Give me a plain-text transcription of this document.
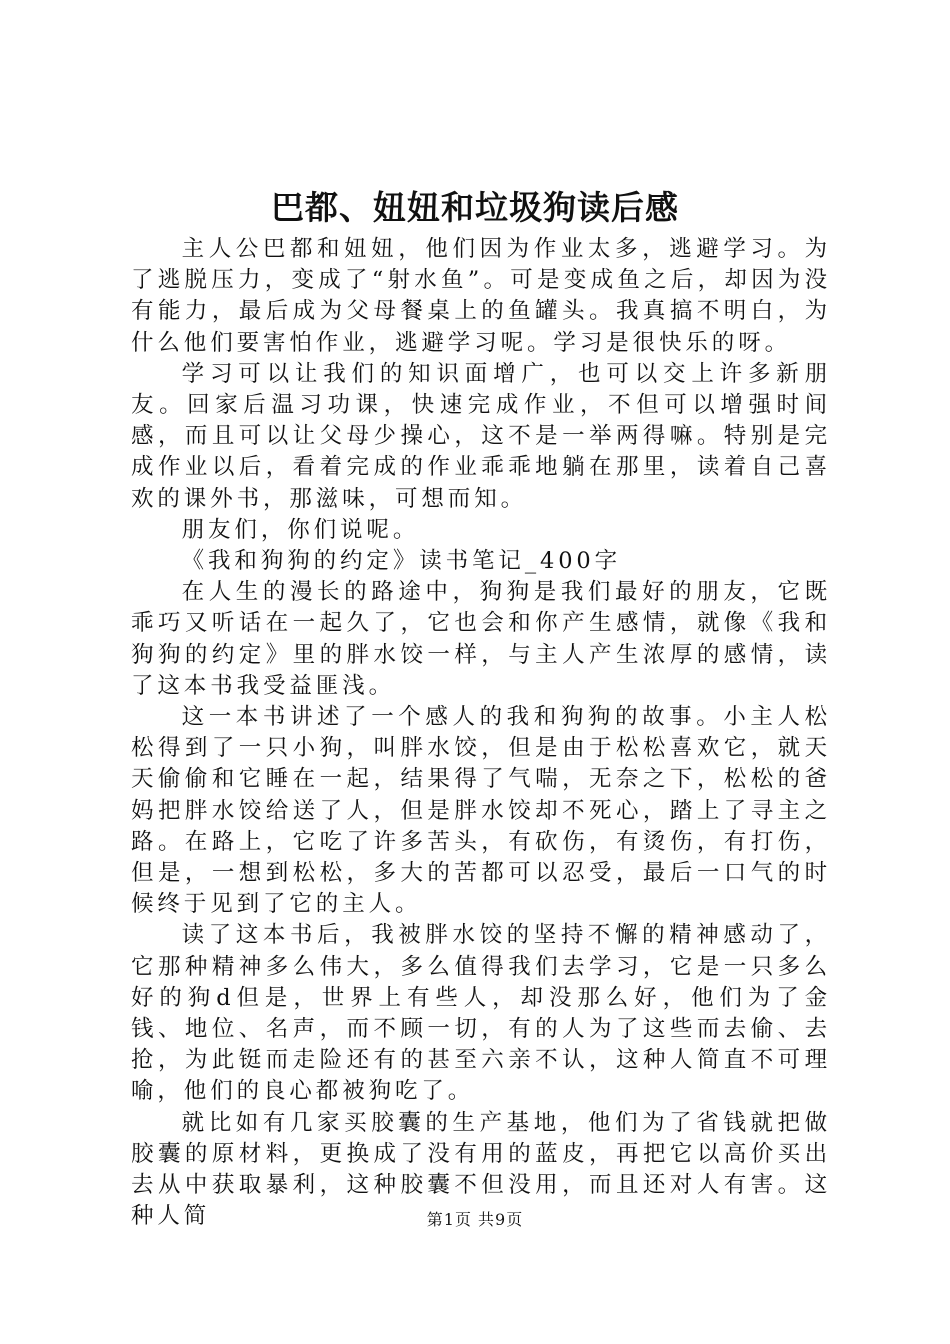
巴都、妞妞和垃圾狗读后感

主人公巴都和妞妞，他们因为作业太多，逃避学习。为了逃脱压力，变成了“射水鱼”。可是变成鱼之后，却因为没有能力，最后成为父母餐桌上的鱼罐头。我真搞不明白，为什么他们要害怕作业，逃避学习呢。学习是很快乐的呀。

学习可以让我们的知识面增广，也可以交上许多新朋友。回家后温习功课，快速完成作业，不但可以增强时间感，而且可以让父母少操心，这不是一举两得嘛。特别是完成作业以后，看着完成的作业乖乖地躺在那里，读着自己喜欢的课外书，那滋味，可想而知。

朋友们，你们说呢。

《我和狗狗的约定》读书笔记_400字

在人生的漫长的路途中，狗狗是我们最好的朋友，它既乖巧又听话在一起久了，它也会和你产生感情，就像《我和狗狗的约定》里的胖水饺一样，与主人产生浓厚的感情，读了这本书我受益匪浅。

这一本书讲述了一个感人的我和狗狗的故事。小主人松松得到了一只小狗，叫胖水饺，但是由于松松喜欢它，就天天偷偷和它睡在一起，结果得了气喘，无奈之下，松松的爸妈把胖水饺给送了人，但是胖水饺却不死心，踏上了寻主之路。在路上，它吃了许多苦头，有砍伤，有烫伤，有打伤，但是，一想到松松，多大的苦都可以忍受，最后一口气的时候终于见到了它的主人。

读了这本书后，我被胖水饺的坚持不懈的精神感动了，它那种精神多么伟大，多么值得我们去学习，它是一只多么好的狗d但是，世界上有些人，却没那么好，他们为了金钱、地位、名声，而不顾一切，有的人为了这些而去偷、去抢，为此铤而走险还有的甚至六亲不认，这种人简直不可理喻，他们的良心都被狗吃了。

就比如有几家买胶囊的生产基地，他们为了省钱就把做胶囊的原材料，更换成了没有用的蓝皮，再把它以高价买出去从中获取暴利，这种胶囊不但没用，而且还对人有害。这种人简	第1页 共9页
